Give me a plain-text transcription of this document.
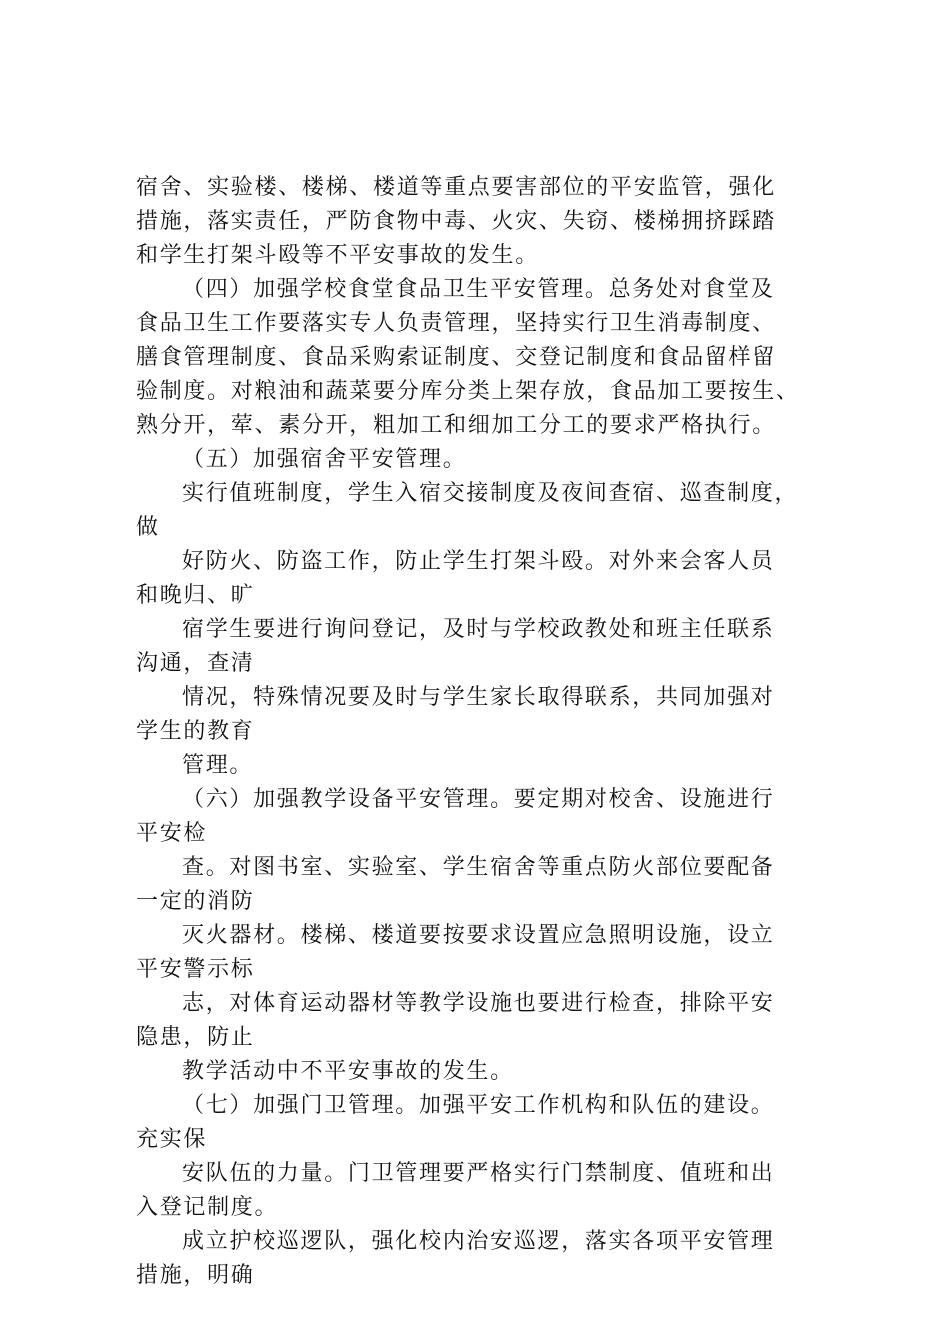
宿舍、实验楼、楼梯、楼道等重点要害部位的平安监管，强化
措施，落实责任，严防食物中毒、火灾、失窃、楼梯拥挤踩踏
和学生打架斗殴等不平安事故的发生。
（四）加强学校食堂食品卫生平安管理。总务处对食堂及
食品卫生工作要落实专人负责管理，坚持实行卫生消毒制度、
膳食管理制度、食品采购索证制度、交登记制度和食品留样留
验制度。对粮油和蔬菜要分库分类上架存放，食品加工要按生、
熟分开，荤、素分开，粗加工和细加工分工的要求严格执行。
（五）加强宿舍平安管理。
实行值班制度，学生入宿交接制度及夜间查宿、巡查制度，
做
好防火、防盗工作，防止学生打架斗殴。对外来会客人员
和晚归、旷
宿学生要进行询问登记，及时与学校政教处和班主任联系
沟通，查清
情况，特殊情况要及时与学生家长取得联系，共同加强对
学生的教育
管理。
（六）加强教学设备平安管理。要定期对校舍、设施进行
平安检
查。对图书室、实验室、学生宿舍等重点防火部位要配备
一定的消防
灭火器材。楼梯、楼道要按要求设置应急照明设施，设立
平安警示标
志，对体育运动器材等教学设施也要进行检查，排除平安
隐患，防止
教学活动中不平安事故的发生。
（七）加强门卫管理。加强平安工作机构和队伍的建设。
充实保
安队伍的力量。门卫管理要严格实行门禁制度、值班和出
入登记制度。
成立护校巡逻队，强化校内治安巡逻，落实各项平安管理
措施，明确
